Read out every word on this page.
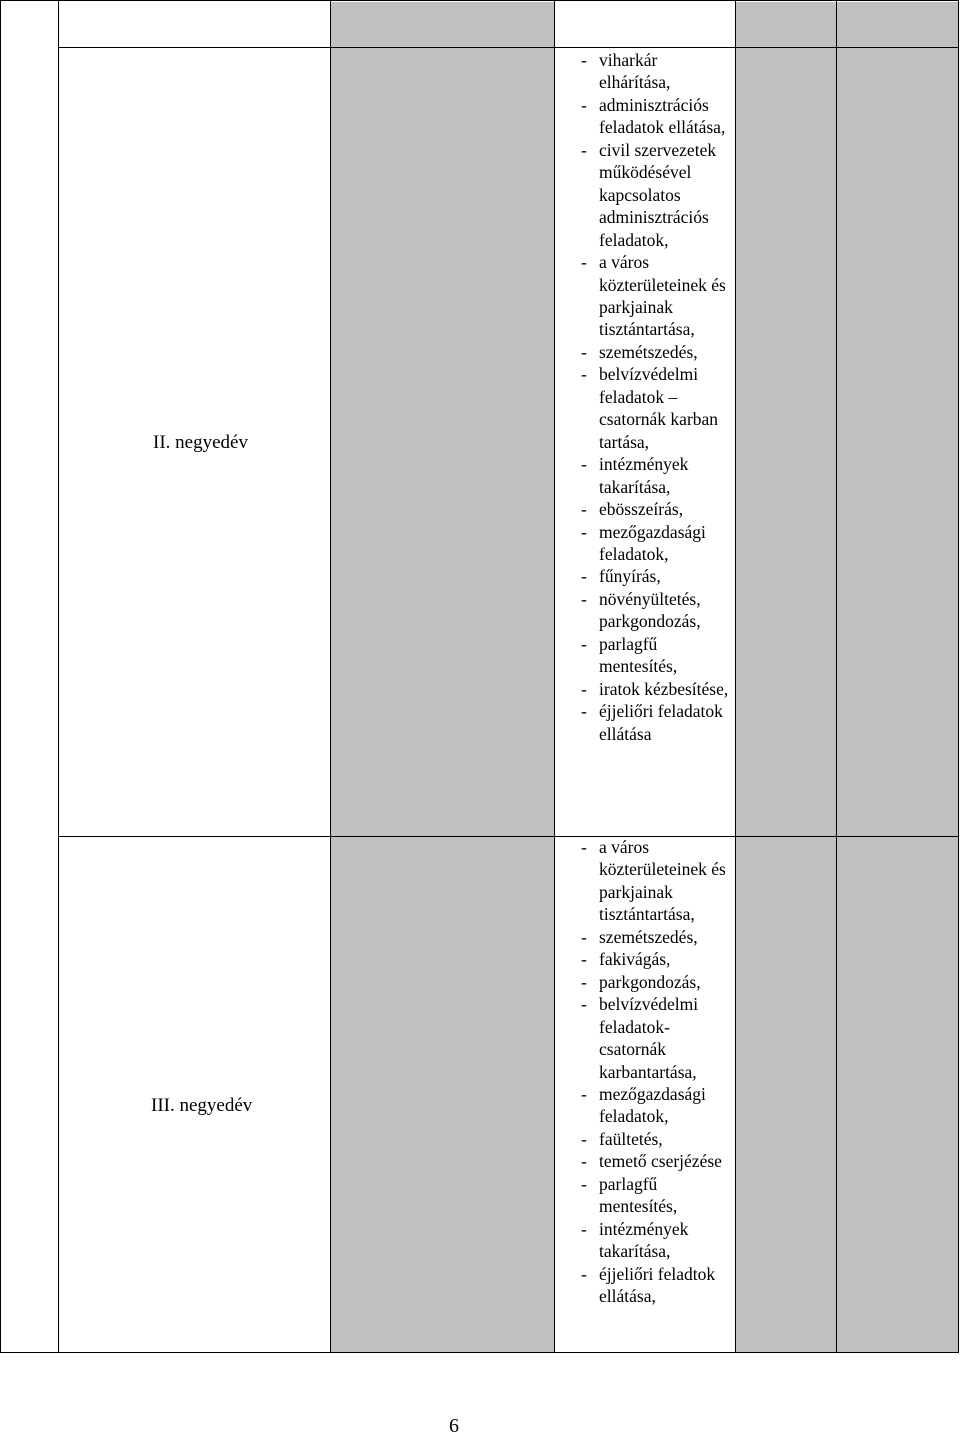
II. negyedév
III. negyedév
- viharkár elhárítása,
- adminisztrációs feladatok ellátása,
- civil szervezetek működésével kapcsolatos adminisztrációs feladatok,
- a város közterületeinek és parkjainak tisztántartása,
- szemétszedés,
- belvízvédelmi feladatok – csatornák karban tartása,
- intézmények takarítása,
- ebösszeírás,
- mezőgazdasági feladatok,
- fűnyírás,
- növényültetés, parkgondozás,
- parlagfű mentesítés,
- iratok kézbesítése,
- éjjeliőri feladatok ellátása
- a város közterületeinek és parkjainak tisztántartása,
- szemétszedés,
- fakivágás,
- parkgondozás,
- belvízvédelmi feladatok-csatornák karbantartása,
- mezőgazdasági feladatok,
- faültetés,
- temető cserjézése
- parlagfű mentesítés,
- intézmények takarítása,
- éjjeliőri feladtok ellátása,
6
